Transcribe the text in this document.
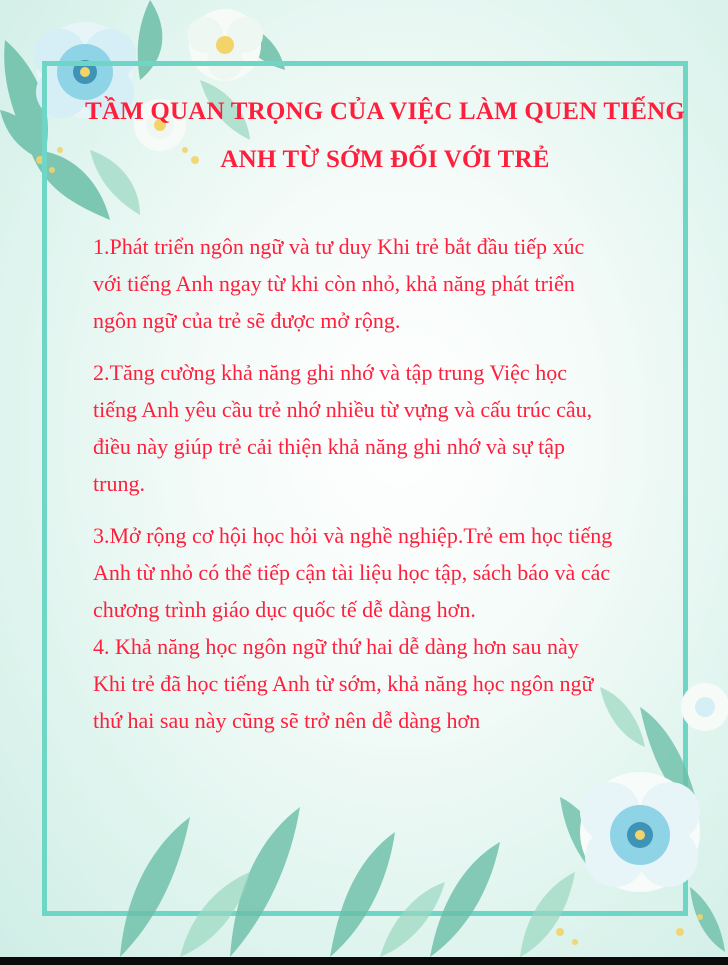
TẦM QUAN TRỌNG CỦA VIỆC LÀM QUEN TIẾNG
ANH TỪ SỚM ĐỐI VỚI TRẺ
1.Phát triển ngôn ngữ và tư duy Khi trẻ bắt đầu tiếp xúc
với tiếng Anh ngay từ khi còn nhỏ, khả năng phát triển
ngôn ngữ của trẻ sẽ được mở rộng.
2.Tăng cường khả năng ghi nhớ và tập trung Việc học
tiếng Anh yêu cầu trẻ nhớ nhiều từ vựng và cấu trúc câu,
điều này giúp trẻ cải thiện khả năng ghi nhớ và sự tập
trung.
3.Mở rộng cơ hội học hỏi và nghề nghiệp.Trẻ em học tiếng
Anh từ nhỏ có thể tiếp cận tài liệu học tập, sách báo và các
chương trình giáo dục quốc tế dễ dàng hơn.
4. Khả năng học ngôn ngữ thứ hai dễ dàng hơn sau này
Khi trẻ đã học tiếng Anh từ sớm, khả năng học ngôn ngữ
thứ hai sau này cũng sẽ trở nên dễ dàng hơn
